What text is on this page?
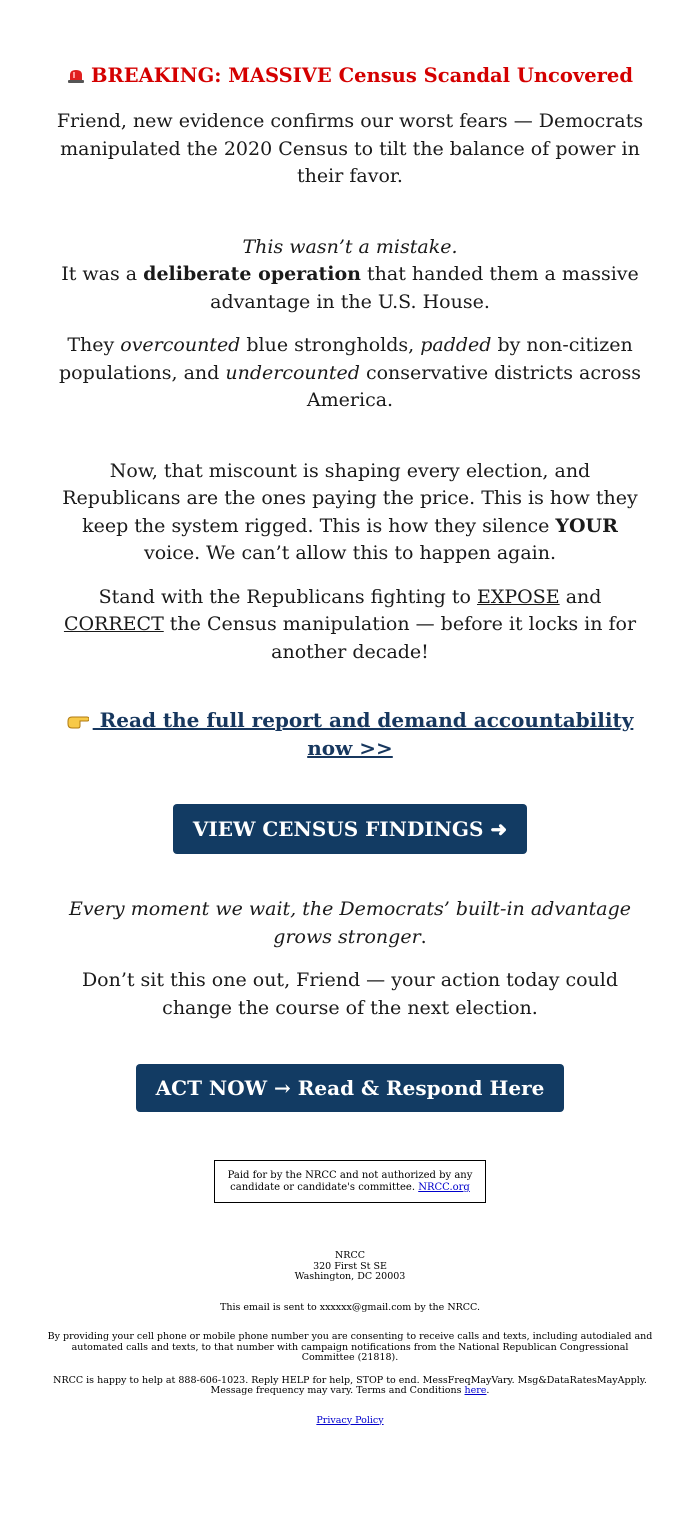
BREAKING: MASSIVE Census Scandal Uncovered

Friend, new evidence confirms our worst fears — Democrats manipulated the 2020 Census to tilt the balance of power in their favor.

This wasn’t a mistake.
It was a deliberate operation that handed them a massive advantage in the U.S. House.

They overcounted blue strongholds, padded by non-citizen populations, and undercounted conservative districts across America.

Now, that miscount is shaping every election, and Republicans are the ones paying the price. This is how they keep the system rigged. This is how they silence YOUR voice. We can’t allow this to happen again.

Stand with the Republicans fighting to EXPOSE and CORRECT the Census manipulation — before it locks in for another decade!

Read the full report and demand accountability now >>
VIEW CENSUS FINDINGS ➜

Every moment we wait, the Democrats’ built-in advantage grows stronger.

Don’t sit this one out, Friend — your action today could change the course of the next election.

ACT NOW → Read & Respond Here
Paid for by the NRCC and not authorized by any candidate or candidate's committee. NRCC.org
NRCC
320 First St SE
Washington, DC 20003
This email is sent to xxxxxx@gmail.com by the NRCC.
By providing your cell phone or mobile phone number you are consenting to receive calls and texts, including autodialed and automated calls and texts, to that number with campaign notifications from the National Republican Congressional Committee (21818).
NRCC is happy to help at 888-606-1023. Reply HELP for help, STOP to end. MessFreqMayVary. Msg&DataRatesMayApply. Message frequency may vary. Terms and Conditions here.
Privacy Policy
